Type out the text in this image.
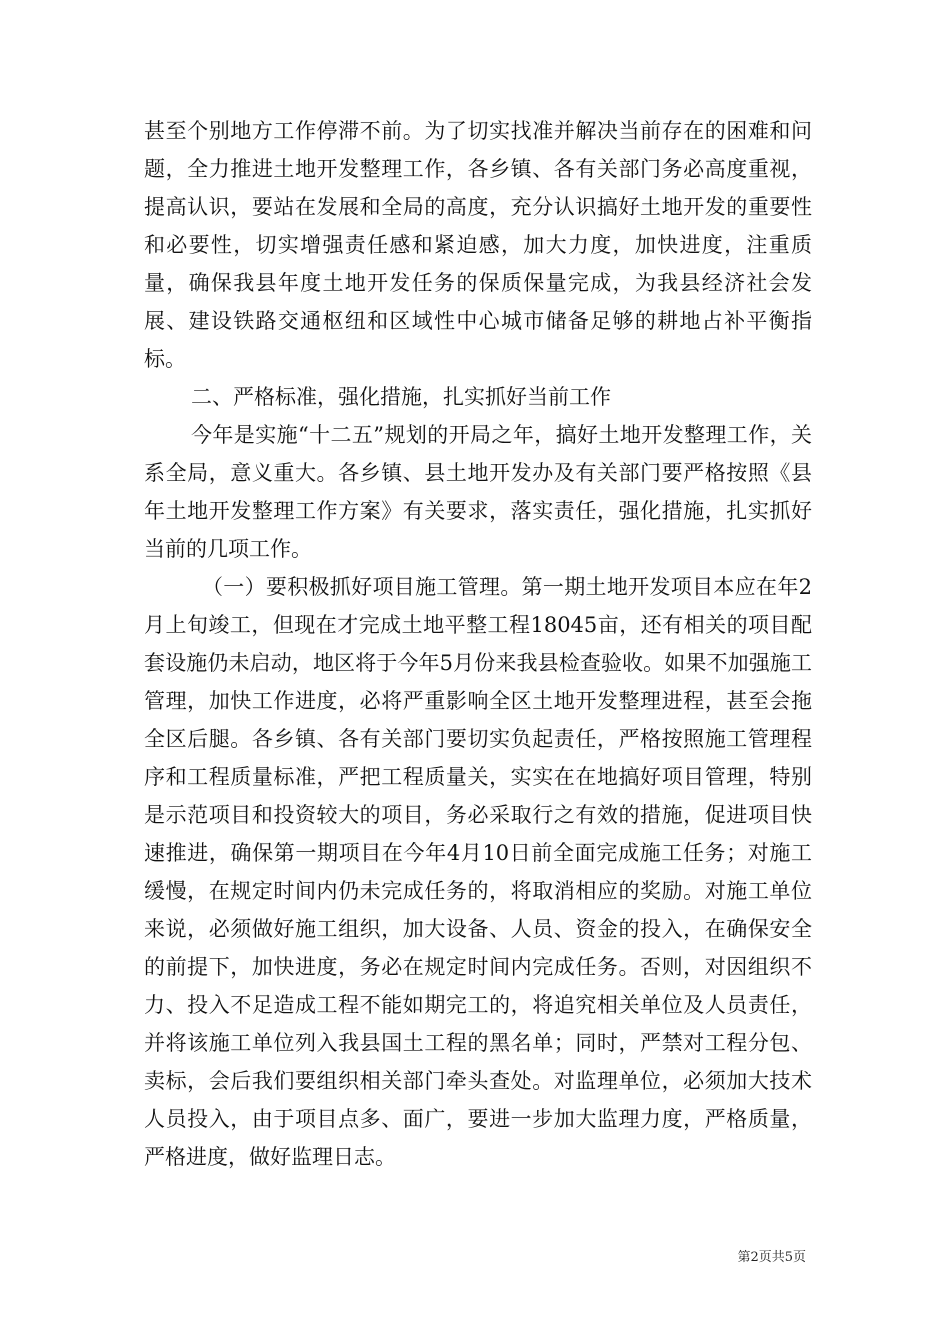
甚至个别地方工作停滞不前。为了切实找准并解决当前存在的困难和问题，全力推进土地开发整理工作，各乡镇、各有关部门务必高度重视，提高认识，要站在发展和全局的高度，充分认识搞好土地开发的重要性和必要性，切实增强责任感和紧迫感，加大力度，加快进度，注重质量，确保我县年度土地开发任务的保质保量完成，为我县经济社会发展、建设铁路交通枢纽和区域性中心城市储备足够的耕地占补平衡指标。

二、严格标准，强化措施，扎实抓好当前工作

今年是实施“十二五”规划的开局之年，搞好土地开发整理工作，关系全局，意义重大。各乡镇、县土地开发办及有关部门要严格按照《县年土地开发整理工作方案》有关要求，落实责任，强化措施，扎实抓好当前的几项工作。

（一）要积极抓好项目施工管理。第一期土地开发项目本应在年2月上旬竣工，但现在才完成土地平整工程18045亩，还有相关的项目配套设施仍未启动，地区将于今年5月份来我县检查验收。如果不加强施工管理，加快工作进度，必将严重影响全区土地开发整理进程，甚至会拖全区后腿。各乡镇、各有关部门要切实负起责任，严格按照施工管理程序和工程质量标准，严把工程质量关，实实在在地搞好项目管理，特别是示范项目和投资较大的项目，务必采取行之有效的措施，促进项目快速推进，确保第一期项目在今年4月10日前全面完成施工任务；对施工缓慢，在规定时间内仍未完成任务的，将取消相应的奖励。对施工单位来说，必须做好施工组织，加大设备、人员、资金的投入，在确保安全的前提下，加快进度，务必在规定时间内完成任务。否则，对因组织不力、投入不足造成工程不能如期完工的，将追究相关单位及人员责任，并将该施工单位列入我县国土工程的黑名单；同时，严禁对工程分包、卖标，会后我们要组织相关部门牵头查处。对监理单位，必须加大技术人员投入，由于项目点多、面广，要进一步加大监理力度，严格质量，严格进度，做好监理日志。

第2页共5页
